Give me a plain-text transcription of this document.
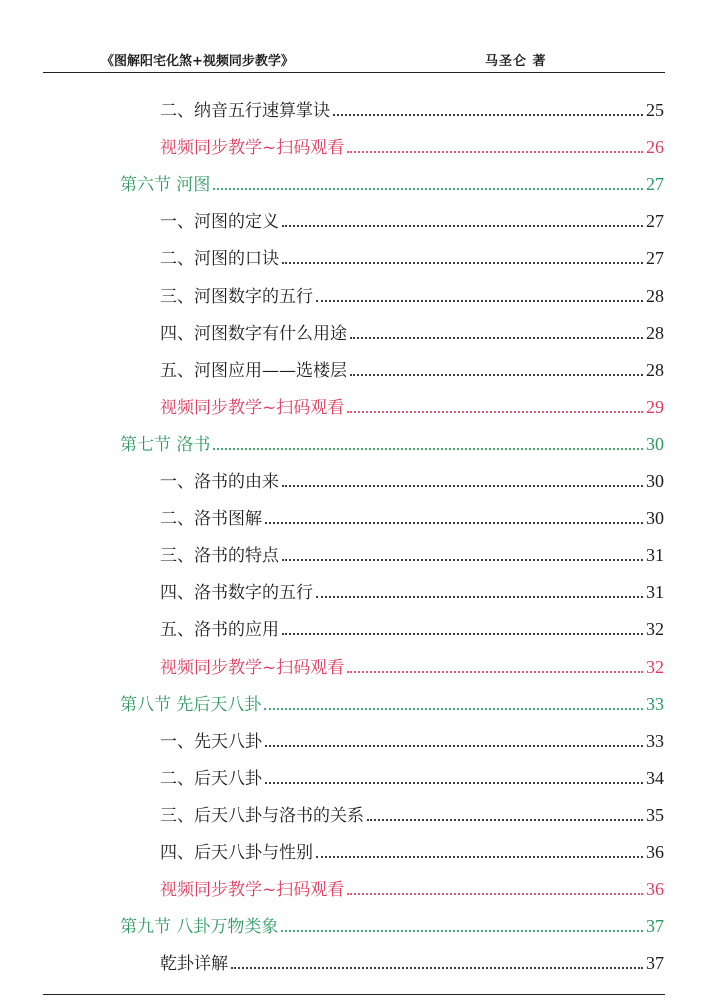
《图解阳宅化煞+视频同步教学》	马圣仑 著
二、纳音五行速算掌诀	25
视频同步教学~扫码观看	26
第六节 河图	27
一、河图的定义	27
二、河图的口诀	27
三、河图数字的五行	28
四、河图数字有什么用途	28
五、河图应用——选楼层	28
视频同步教学~扫码观看	29
第七节 洛书	30
一、洛书的由来	30
二、洛书图解	30
三、洛书的特点	31
四、洛书数字的五行	31
五、洛书的应用	32
视频同步教学~扫码观看	32
第八节 先后天八卦	33
一、先天八卦	33
二、后天八卦	34
三、后天八卦与洛书的关系	35
四、后天八卦与性别	36
视频同步教学~扫码观看	36
第九节 八卦万物类象	37
乾卦详解	37
